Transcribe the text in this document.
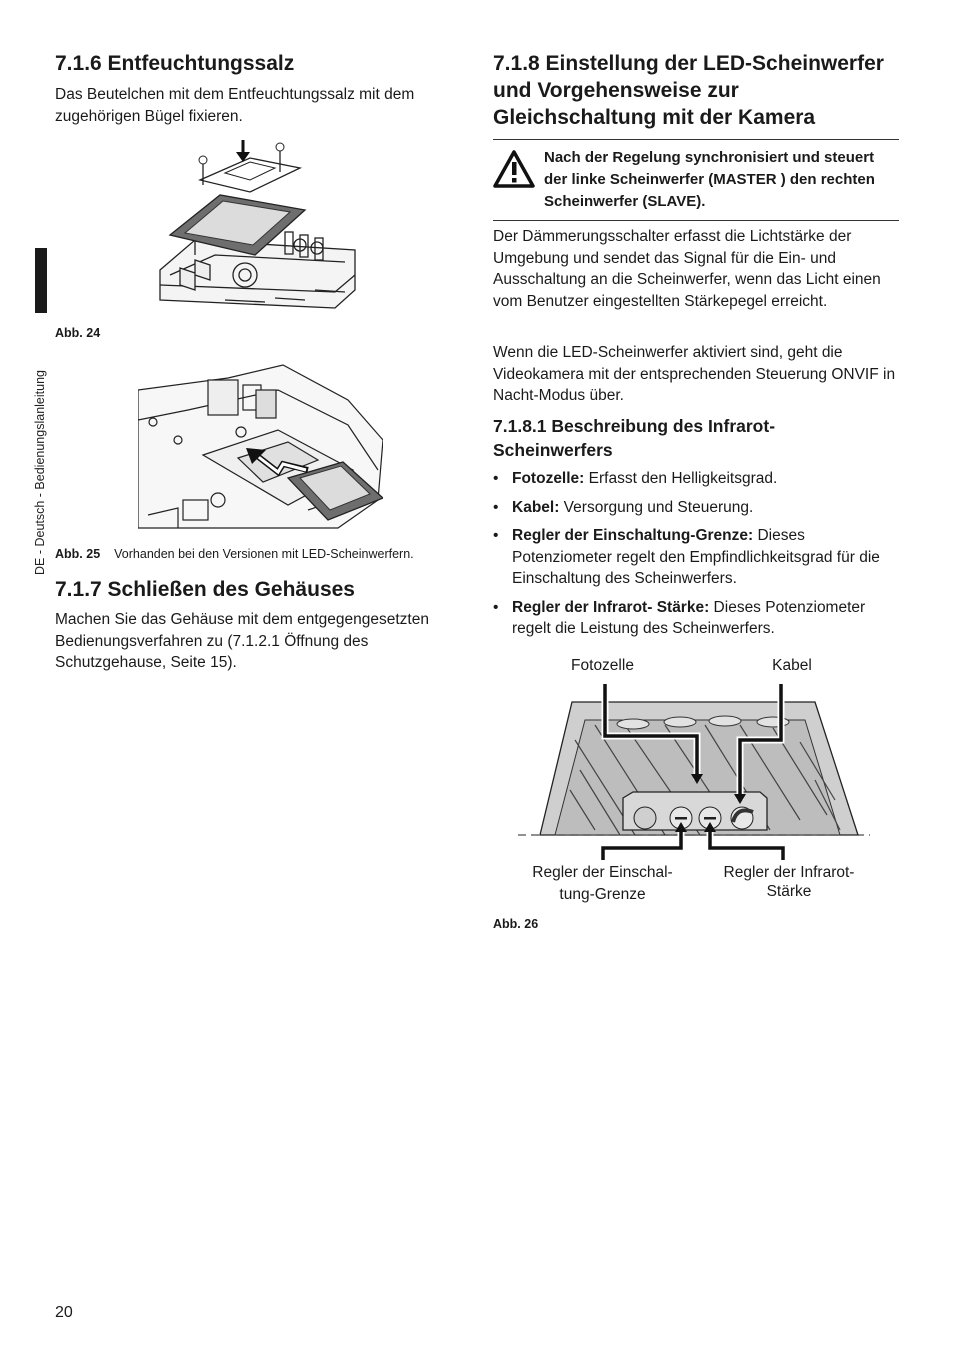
DE - Deutsch - Bedienungslanleitung
7.1.6 Entfeuchtungssalz

Das Beutelchen mit dem Entfeuchtungssalz mit dem zugehörigen Bügel fixieren.

Abb. 24
Abb. 25 Vorhanden bei den Versionen mit LED-Scheinwerfern.
7.1.7 Schließen des Gehäuses

Machen Sie das Gehäuse mit dem entgegengesetzten Bedienungsverfahren zu (7.1.2.1 Öffnung des Schutzgehause, Seite 15).

7.1.8 Einstellung der LED-Scheinwerfer und Vorgehensweise zur Gleichschaltung mit der Kamera
Nach der Regelung synchronisiert und steuert der linke Scheinwerfer (MASTER ) den rechten Scheinwerfer (SLAVE).

Der Dämmerungsschalter erfasst die Lichtstärke der Umgebung und sendet das Signal für die Ein- und Ausschaltung an die Scheinwerfer, wenn das Licht einen vom Benutzer eingestellten Stärkepegel erreicht.

Wenn die LED-Scheinwerfer aktiviert sind, geht die Videokamera mit der entsprechenden Steuerung ONVIF in Nacht-Modus über.

7.1.8.1 Beschreibung des Infrarot-Scheinwerfers
• Fotozelle: Erfasst den Helligkeitsgrad.
• Kabel: Versorgung und Steuerung.
• Regler der Einschaltung-Grenze: Dieses Potenziometer regelt den Empfindlichkeitsgrad für die Einschaltung des Scheinwerfers.
• Regler der Infrarot- Stärke: Dieses Potenziometer regelt die Leistung des Scheinwerfers.
Fotozelle	Kabel
Regler der Einschal-
tung-Grenze
Regler der Infrarot-
Stärke
Abb. 26
20
